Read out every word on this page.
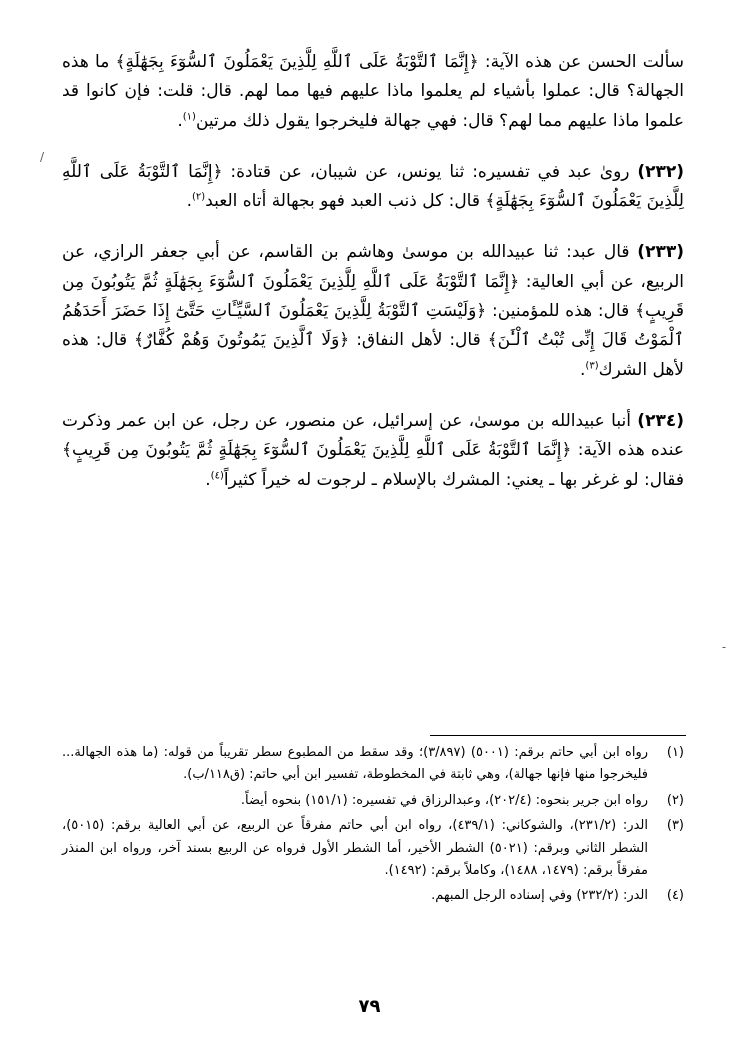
سألت الحسن عن هذه الآية: ﴿إِنَّمَا ٱلتَّوْبَةُ عَلَى ٱللَّهِ لِلَّذِينَ يَعْمَلُونَ ٱلسُّوٓءَ بِجَهَٰلَةٍ﴾ ما هذه الجهالة؟ قال: عملوا بأشياء لم يعلموا ماذا عليهم فيها مما لهم. قال: قلت: فإن كانوا قد علموا ماذا عليهم مما لهم؟ قال: فهي جهالة فليخرجوا يقول ذلك مرتين$^{(١)}$.

(٢٣٢) روىٰ عبد في تفسيره: ثنا يونس، عن شيبان، عن قتادة: ﴿إِنَّمَا ٱلتَّوْبَةُ عَلَى ٱللَّهِ لِلَّذِينَ يَعْمَلُونَ ٱلسُّوٓءَ بِجَهَٰلَةٍ﴾ قال: كل ذنب العبد فهو بجهالة أتاه العبد$^{(٢)}$.

(٢٣٣) قال عبد: ثنا عبيدالله بن موسىٰ وهاشم بن القاسم، عن أبي جعفر الرازي، عن الربيع، عن أبي العالية: ﴿إِنَّمَا ٱلتَّوْبَةُ عَلَى ٱللَّهِ لِلَّذِينَ يَعْمَلُونَ ٱلسُّوٓءَ بِجَهَٰلَةٍ ثُمَّ يَتُوبُونَ مِن قَرِيبٍ﴾ قال: هذه للمؤمنين: ﴿وَلَيْسَتِ ٱلتَّوْبَةُ لِلَّذِينَ يَعْمَلُونَ ٱلسَّيِّـَٔاتِ حَتَّىٰٓ إِذَا حَضَرَ أَحَدَهُمُ ٱلْمَوْتُ قَالَ إِنِّى تُبْتُ ٱلْـَٰٔنَ﴾ قال: لأهل النفاق: ﴿وَلَا ٱلَّذِينَ يَمُوتُونَ وَهُمْ كُفَّارٌ﴾ قال: هذه لأهل الشرك$^{(٣)}$.

(٢٣٤) أنبا عبيدالله بن موسىٰ، عن إسرائيل، عن منصور، عن رجل، عن ابن عمر وذكرت عنده هذه الآية: ﴿إِنَّمَا ٱلتَّوْبَةُ عَلَى ٱللَّهِ لِلَّذِينَ يَعْمَلُونَ ٱلسُّوٓءَ بِجَهَٰلَةٍ ثُمَّ يَتُوبُونَ مِن قَرِيبٍ﴾ فقال: لو غرغر بها ـ يعني: المشرك بالإسلام ـ لرجوت له خيراً كثيراً$^{(٤)}$.

(١)
رواه ابن أبي حاتم برقم: (٥٠٠١) (٣/٨٩٧)؛ وقد سقط من المطبوع سطر تقريباً من قوله: (ما هذه الجهالة... فليخرجوا منها فإنها جهالة)، وهي ثابتة في المخطوطة، تفسير ابن أبي حاتم: (ق١١٨/ب).
(٢)
رواه ابن جرير بنحوه: (٢٠٢/٤)، وعبدالرزاق في تفسيره: (١٥١/١) بنحوه أيضاً.
(٣)
الدر: (٢٣١/٢)، والشوكاني: (٤٣٩/١)، رواه ابن أبي حاتم مفرقاً عن الربيع، عن أبي العالية برقم: (٥٠١٥)، الشطر الثاني وبرقم: (٥٠٢١) الشطر الأخير، أما الشطر الأول فرواه عن الربيع بسند آخر، ورواه ابن المنذر مفرقاً برقم: (١٤٧٩، ١٤٨٨)، وكاملاً برقم: (١٤٩٢).
(٤)
الدر: (٢٣٢/٢) وفي إسناده الرجل المبهم.
٧٩
/
-
